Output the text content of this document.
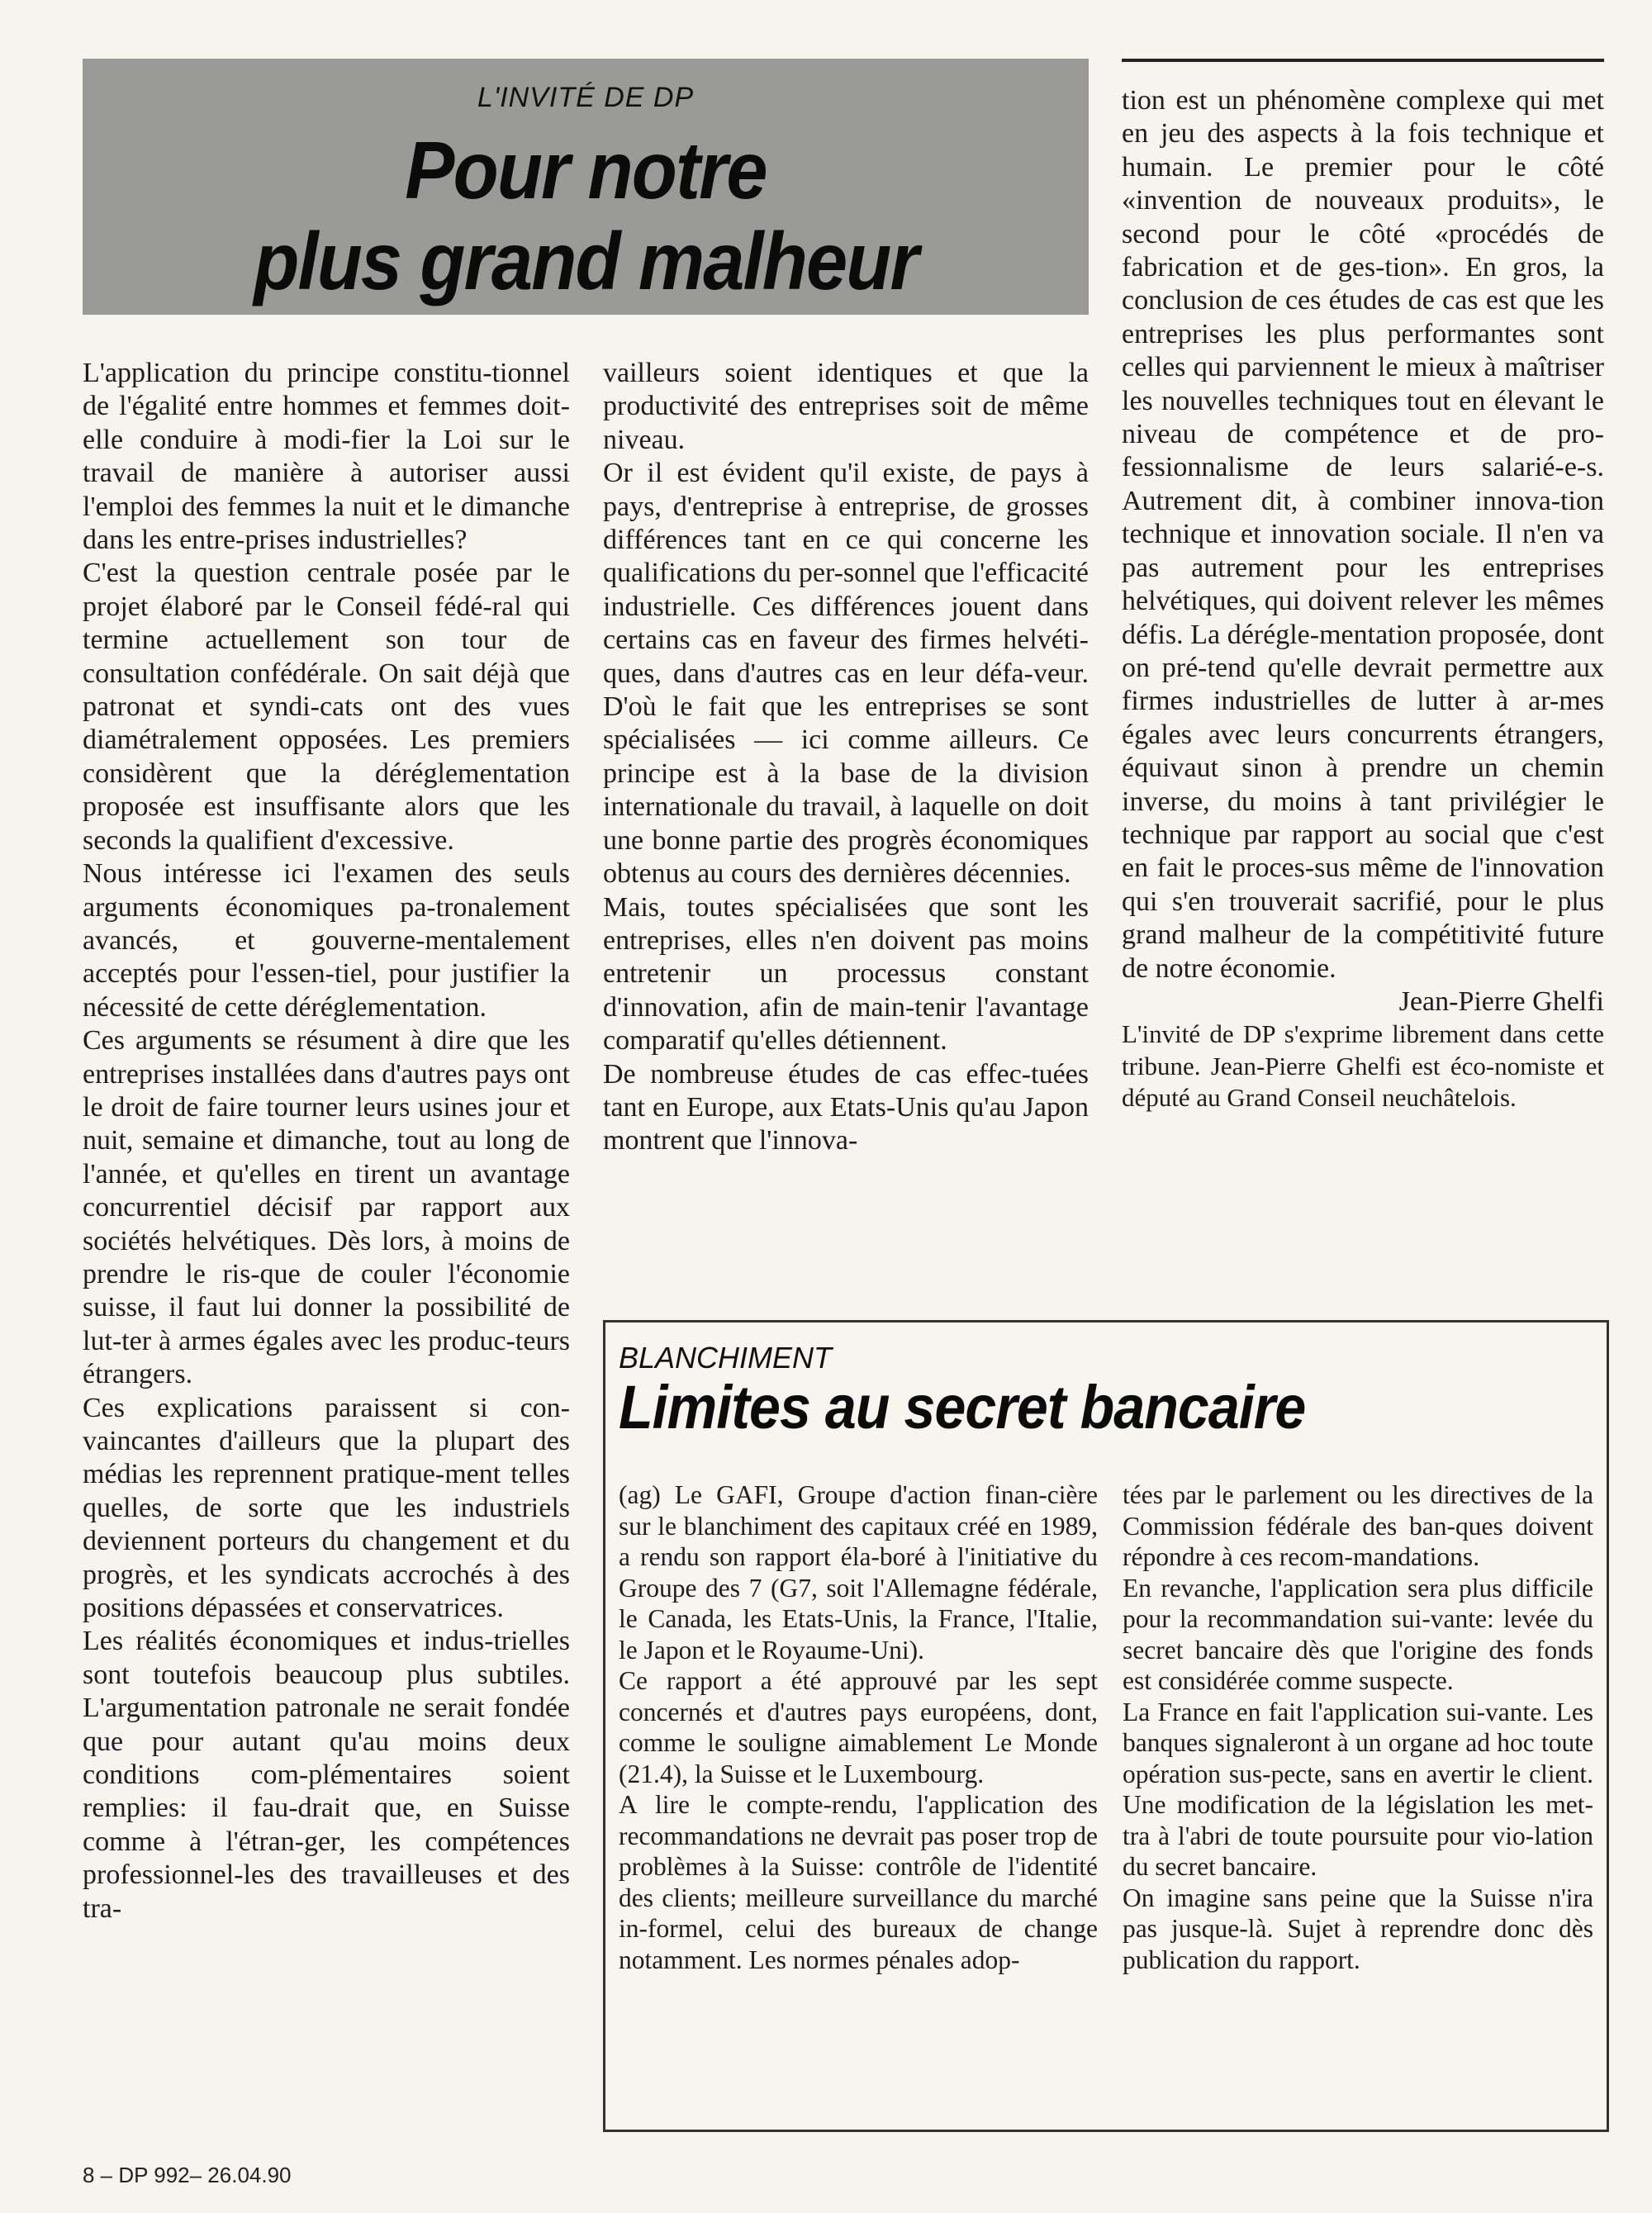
L'INVITÉ DE DP
Pour notre
plus grand malheur

L'application du principe constitu-tionnel de l'égalité entre hommes et femmes doit-elle conduire à modi-fier la Loi sur le travail de manière à autoriser aussi l'emploi des femmes la nuit et le dimanche dans les entre-prises industrielles?

C'est la question centrale posée par le projet élaboré par le Conseil fédé-ral qui termine actuellement son tour de consultation confédérale. On sait déjà que patronat et syndi-cats ont des vues diamétralement opposées. Les premiers considèrent que la déréglementation proposée est insuffisante alors que les seconds la qualifient d'excessive.

Nous intéresse ici l'examen des seuls arguments économiques pa-tronalement avancés, et gouverne-mentalement acceptés pour l'essen-tiel, pour justifier la nécessité de cette déréglementation.

Ces arguments se résument à dire que les entreprises installées dans d'autres pays ont le droit de faire tourner leurs usines jour et nuit, semaine et dimanche, tout au long de l'année, et qu'elles en tirent un avantage concurrentiel décisif par rapport aux sociétés helvétiques. Dès lors, à moins de prendre le ris-que de couler l'économie suisse, il faut lui donner la possibilité de lut-ter à armes égales avec les produc-teurs étrangers.

Ces explications paraissent si con-vaincantes d'ailleurs que la plupart des médias les reprennent pratique-ment telles quelles, de sorte que les industriels deviennent porteurs du changement et du progrès, et les syndicats accrochés à des positions dépassées et conservatrices.

Les réalités économiques et indus-trielles sont toutefois beaucoup plus subtiles. L'argumentation patronale ne serait fondée que pour autant qu'au moins deux conditions com-plémentaires soient remplies: il fau-drait que, en Suisse comme à l'étran-ger, les compétences professionnel-les des travailleuses et des tra-

vailleurs soient identiques et que la productivité des entreprises soit de même niveau.

Or il est évident qu'il existe, de pays à pays, d'entreprise à entreprise, de grosses différences tant en ce qui concerne les qualifications du per-sonnel que l'efficacité industrielle. Ces différences jouent dans certains cas en faveur des firmes helvéti-ques, dans d'autres cas en leur défa-veur. D'où le fait que les entreprises se sont spécialisées — ici comme ailleurs. Ce principe est à la base de la division internationale du travail, à laquelle on doit une bonne partie des progrès économiques obtenus au cours des dernières décennies.

Mais, toutes spécialisées que sont les entreprises, elles n'en doivent pas moins entretenir un processus constant d'innovation, afin de main-tenir l'avantage comparatif qu'elles détiennent.

De nombreuse études de cas effec-tuées tant en Europe, aux Etats-Unis qu'au Japon montrent que l'innova-

tion est un phénomène complexe qui met en jeu des aspects à la fois technique et humain. Le premier pour le côté «invention de nouveaux produits», le second pour le côté «procédés de fabrication et de ges-tion». En gros, la conclusion de ces études de cas est que les entreprises les plus performantes sont celles qui parviennent le mieux à maîtriser les nouvelles techniques tout en élevant le niveau de compétence et de pro-fessionnalisme de leurs salarié-e-s. Autrement dit, à combiner innova-tion technique et innovation sociale. Il n'en va pas autrement pour les entreprises helvétiques, qui doivent relever les mêmes défis. La dérégle-mentation proposée, dont on pré-tend qu'elle devrait permettre aux firmes industrielles de lutter à ar-mes égales avec leurs concurrents étrangers, équivaut sinon à prendre un chemin inverse, du moins à tant privilégier le technique par rapport au social que c'est en fait le proces-sus même de l'innovation qui s'en trouverait sacrifié, pour le plus grand malheur de la compétitivité future de notre économie.

Jean-Pierre Ghelfi

L'invité de DP s'exprime librement dans cette tribune. Jean-Pierre Ghelfi est éco-nomiste et député au Grand Conseil neuchâtelois.

BLANCHIMENT
Limites au secret bancaire

(ag) Le GAFI, Groupe d'action finan-cière sur le blanchiment des capitaux créé en 1989, a rendu son rapport éla-boré à l'initiative du Groupe des 7 (G7, soit l'Allemagne fédérale, le Canada, les Etats-Unis, la France, l'Italie, le Japon et le Royaume-Uni).

Ce rapport a été approuvé par les sept concernés et d'autres pays européens, dont, comme le souligne aimablement Le Monde (21.4), la Suisse et le Luxembourg.

A lire le compte-rendu, l'application des recommandations ne devrait pas poser trop de problèmes à la Suisse: contrôle de l'identité des clients; meilleure surveillance du marché in-formel, celui des bureaux de change notamment. Les normes pénales adop-

tées par le parlement ou les directives de la Commission fédérale des ban-ques doivent répondre à ces recom-mandations.

En revanche, l'application sera plus difficile pour la recommandation sui-vante: levée du secret bancaire dès que l'origine des fonds est considérée comme suspecte.

La France en fait l'application sui-vante. Les banques signaleront à un organe ad hoc toute opération sus-pecte, sans en avertir le client. Une modification de la législation les met-tra à l'abri de toute poursuite pour vio-lation du secret bancaire.

On imagine sans peine que la Suisse n'ira pas jusque-là. Sujet à reprendre donc dès publication du rapport.

8 – DP 992– 26.04.90
